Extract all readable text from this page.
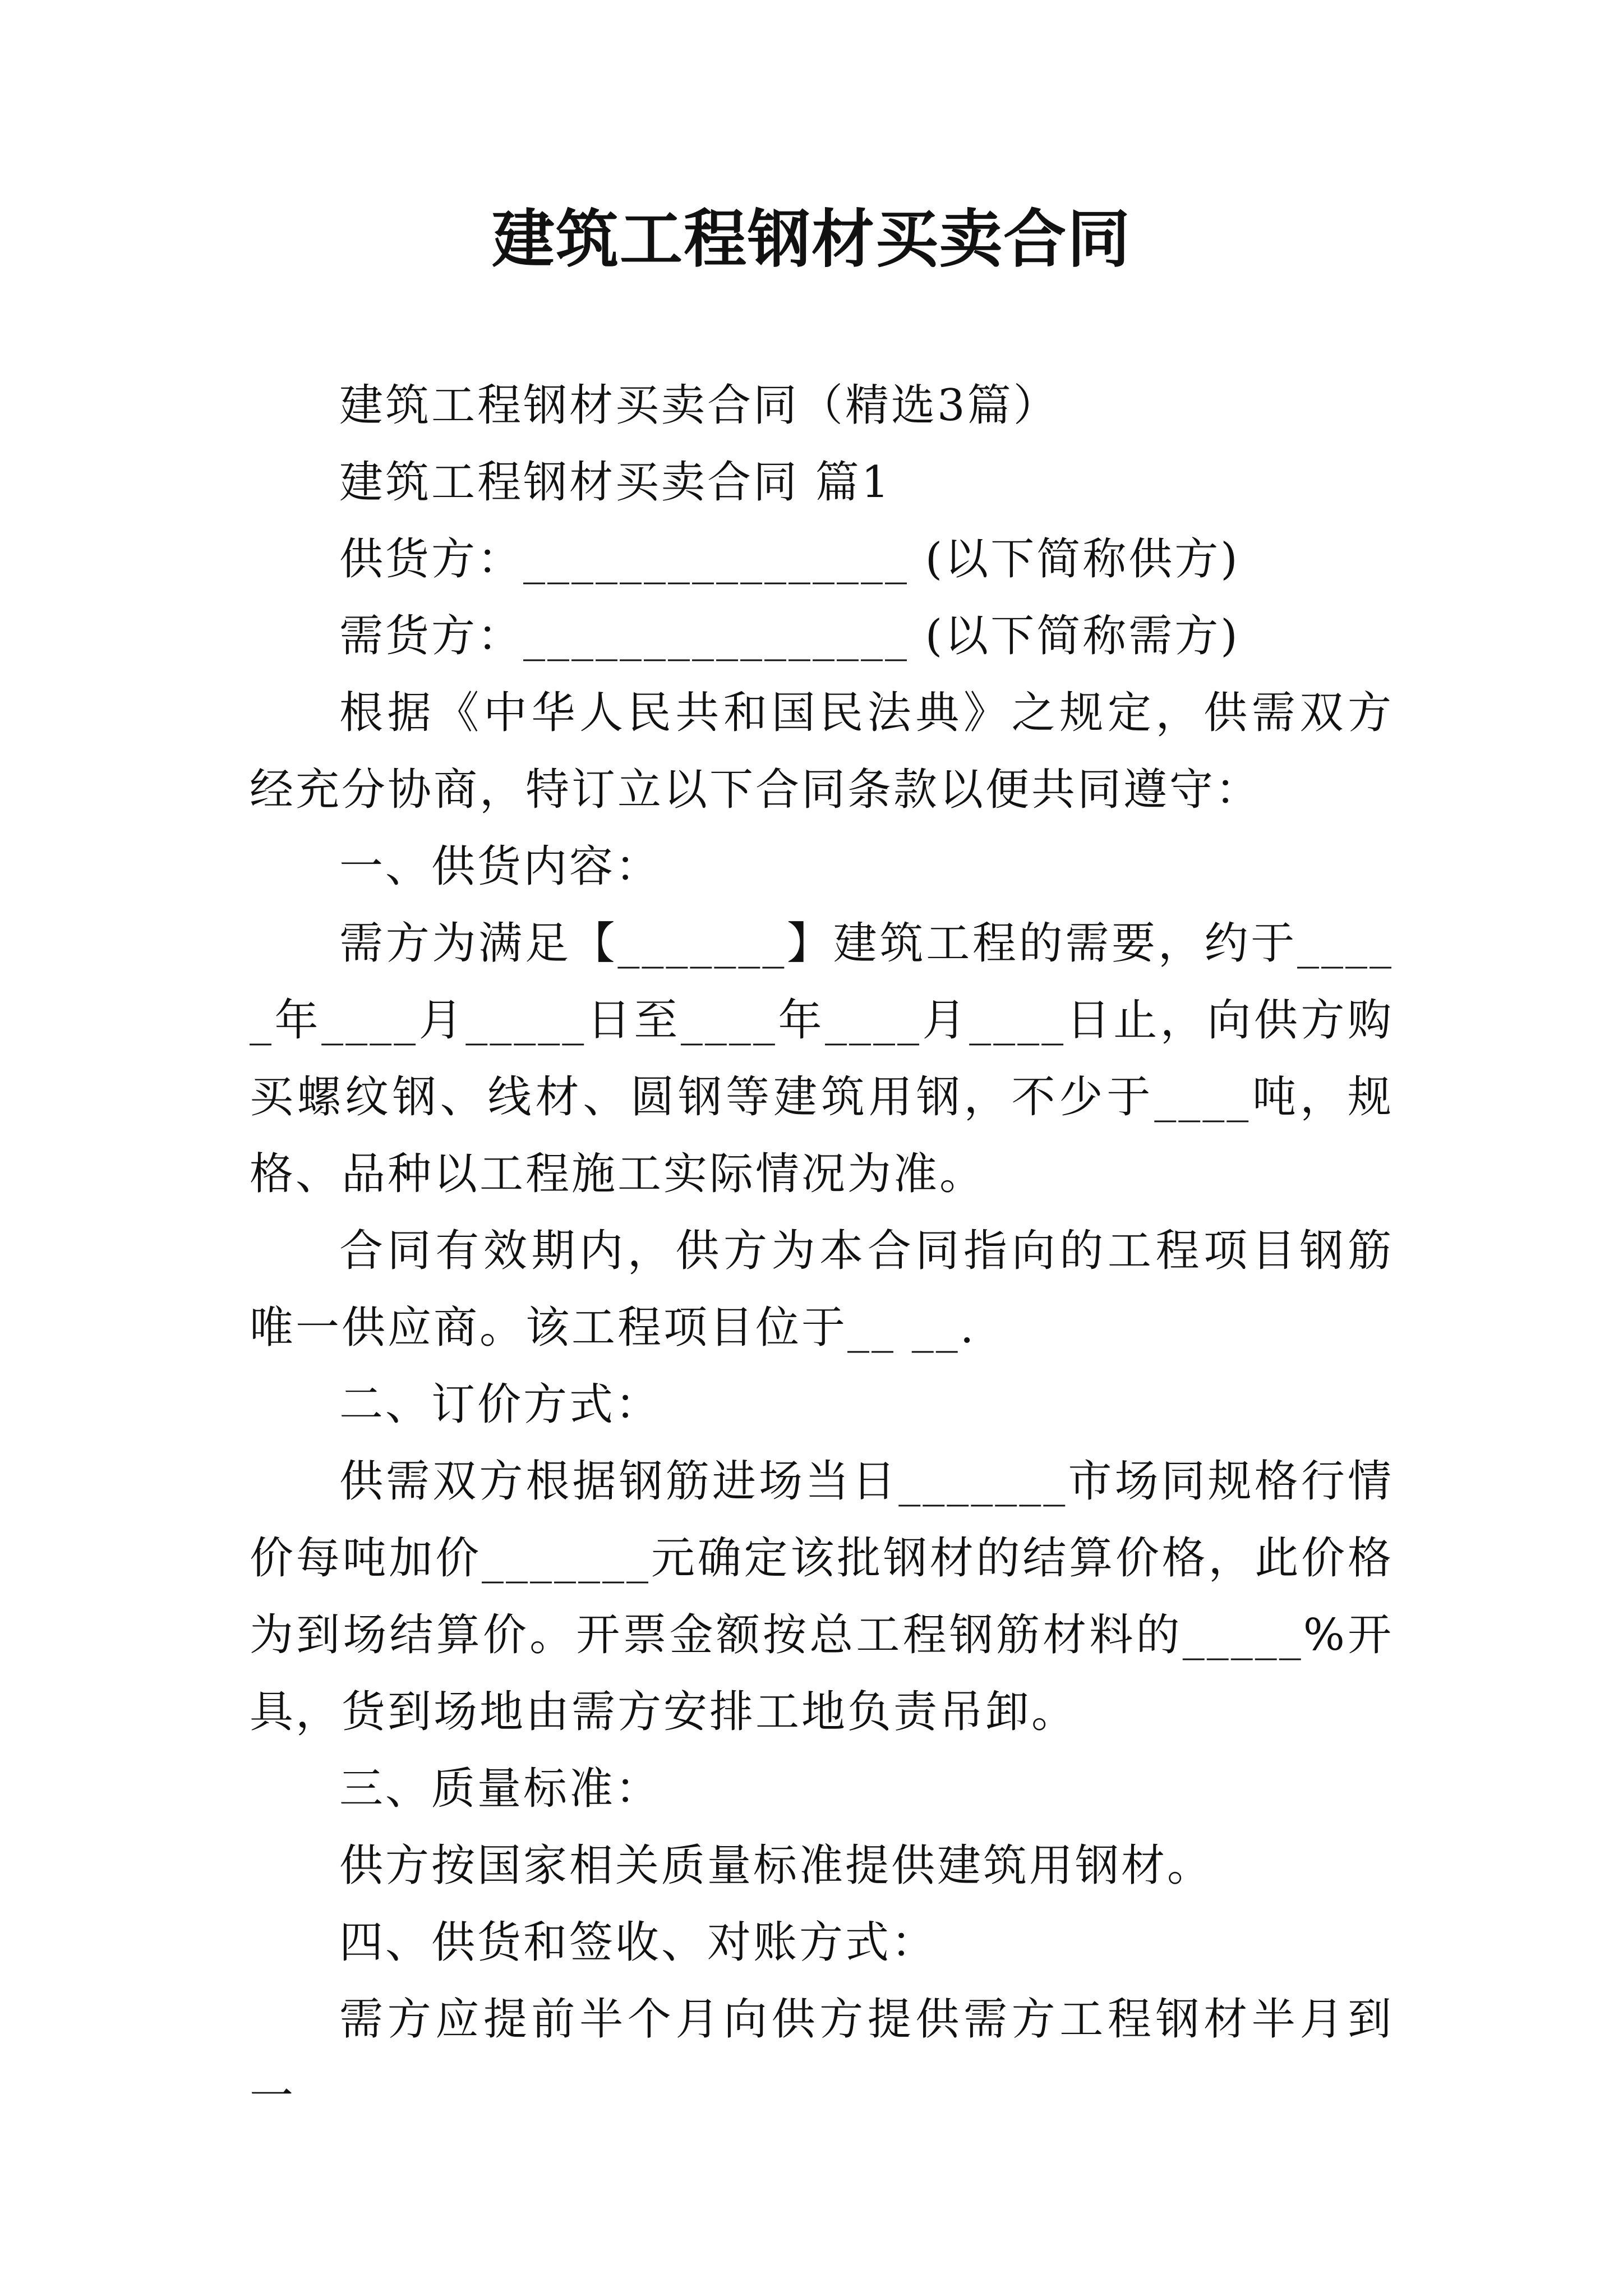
建筑工程钢材买卖合同

建筑工程钢材买卖合同（精选3篇）

建筑工程钢材买卖合同 篇1

供货方：________________ (以下简称供方)

需货方：________________ (以下简称需方)

根据《中华人民共和国民法典》之规定，供需双方经充分协商，特订立以下合同条款以便共同遵守：

一、供货内容：

需方为满足【_______】建筑工程的需要，约于_____年____月_____日至____年____月____日止，向供方购买螺纹钢、线材、圆钢等建筑用钢，不少于____吨，规格、品种以工程施工实际情况为准。

合同有效期内，供方为本合同指向的工程项目钢筋唯一供应商。该工程项目位于__ __.

二、订价方式：

供需双方根据钢筋进场当日_______市场同规格行情价每吨加价_______元确定该批钢材的结算价格，此价格为到场结算价。开票金额按总工程钢筋材料的_____%开具，货到场地由需方安排工地负责吊卸。

三、质量标准：

供方按国家相关质量标准提供建筑用钢材。

四、供货和签收、对账方式：

需方应提前半个月向供方提供需方工程钢材半月到一
